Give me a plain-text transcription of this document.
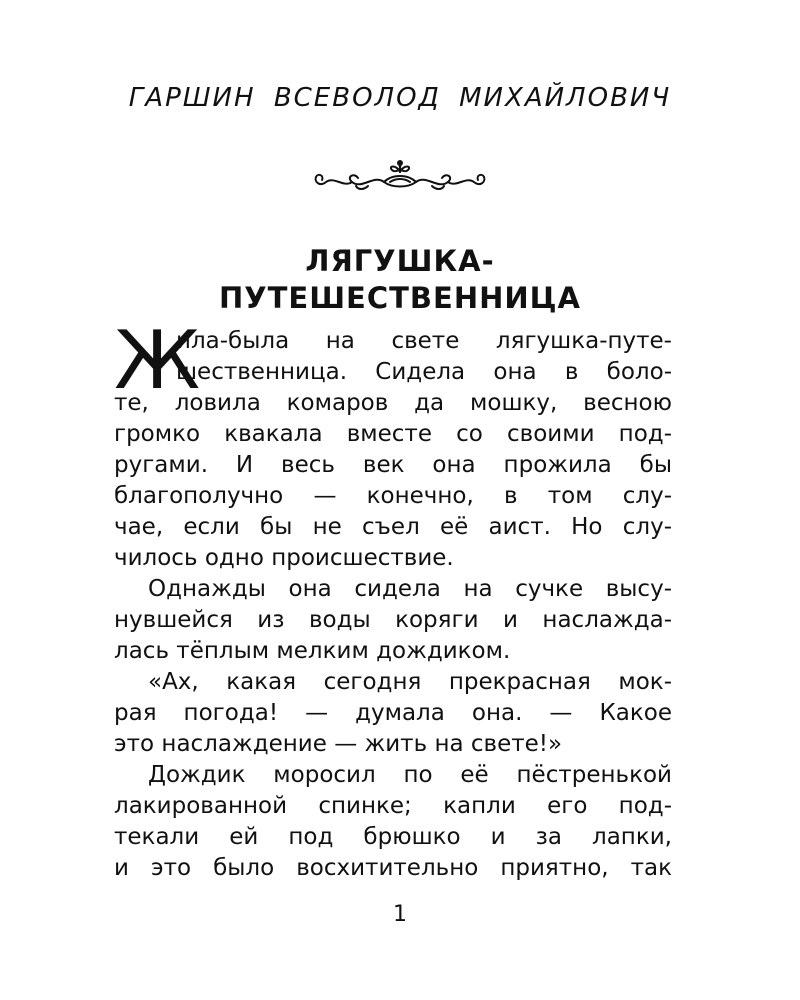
ГАРШИН ВСЕВОЛОД МИХАЙЛОВИЧ
ЛЯГУШКА-
ПУТЕШЕСТВЕННИЦА
Ж
ила-была на свете лягушка-путе-
шественница. Сидела она в боло-
те, ловила комаров да мошку, весною
громко квакала вместе со своими под-
ругами. И весь век она прожила бы
благополучно — конечно, в том слу-
чае, если бы не съел её аист. Но слу-
чилось одно происшествие.
Однажды она сидела на сучке высу-
нувшейся из воды коряги и наслажда-
лась тёплым мелким дождиком.
«Ах, какая сегодня прекрасная мок-
рая погода! — думала она. — Какое
это наслаждение — жить на свете!»
Дождик моросил по её пёстренькой
лакированной спинке; капли его под-
текали ей под брюшко и за лапки,
и это было восхитительно приятно, так
1
